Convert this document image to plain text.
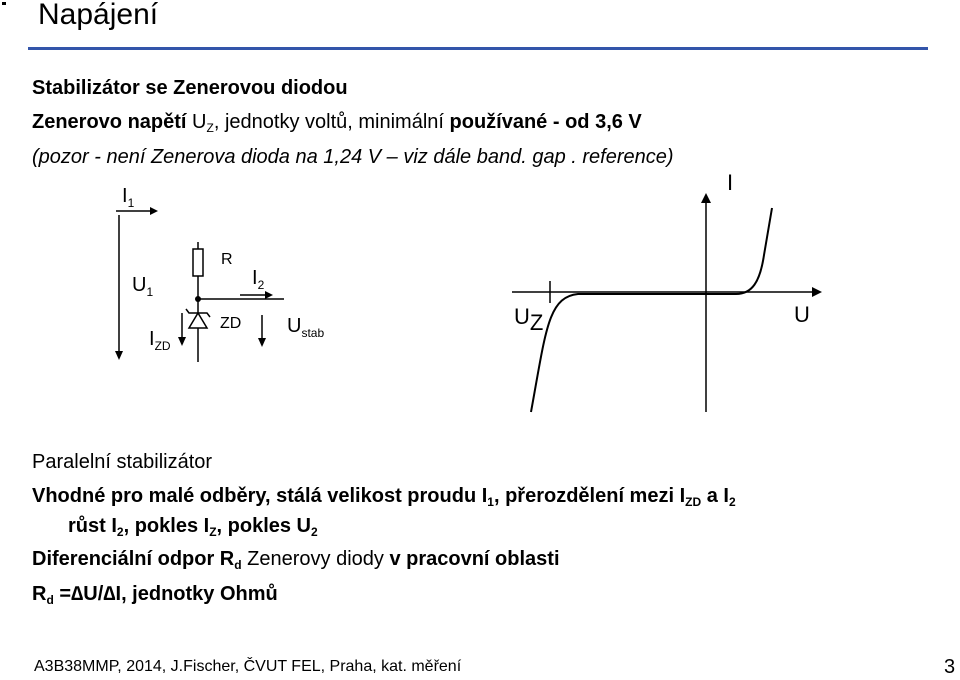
Napájení
Stabilizátor se Zenerovou diodou
Zenerovo napětí $U_Z$, jednotky voltů, minimální používané - od 3,6 V
(pozor - není Zenerova dioda na 1,24 V – viz dále band. gap . reference)
$I_1$
R
$I_2$
$U_1$
ZD
$I_{ZD}$
$U_{stab}$
I
U
UZ
Paralelní stabilizátor
Vhodné pro malé odběry, stálá velikost proudu $I_1$, přerozdělení mezi $I_{ZD}$ a $I_2$
růst $I_2$, pokles $I_Z$, pokles $U_2$
Diferenciální odpor $R_d$ Zenerovy diody v pracovní oblasti
$R_d =\Delta U/\Delta I$, jednotky Ohmů
A3B38MMP, 2014, J.Fischer, ČVUT FEL, Praha, kat. měření	3
